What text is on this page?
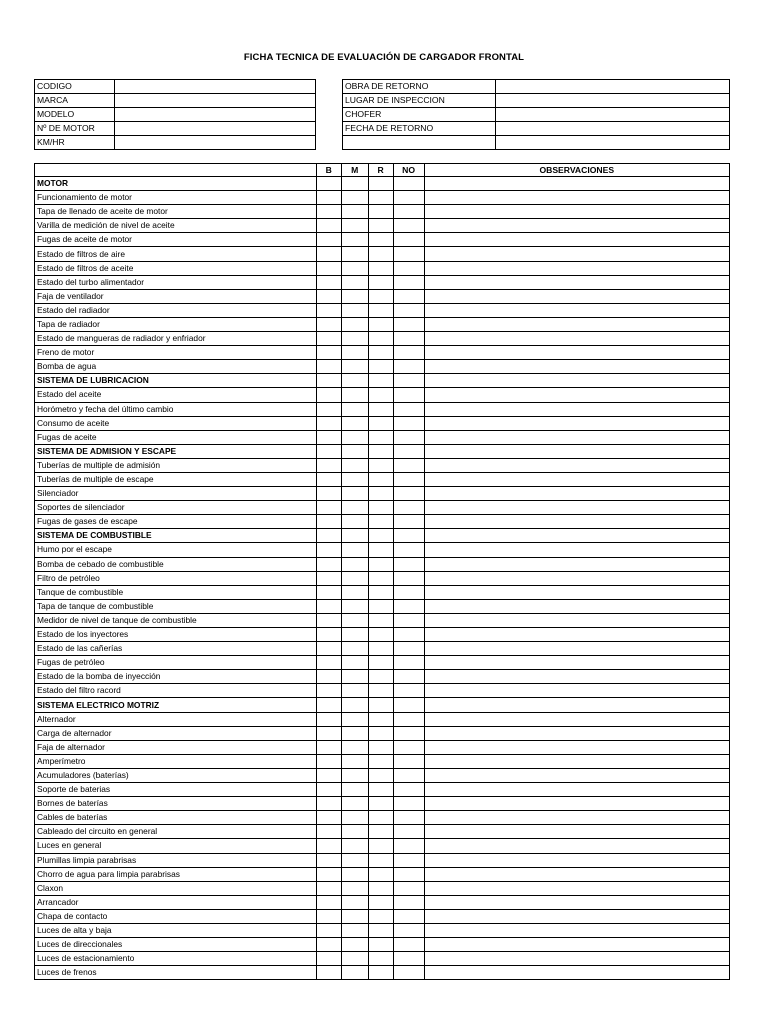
FICHA TECNICA DE EVALUACIÓN DE CARGADOR FRONTAL
CODIGO	
MARCA	
MODELO	
Nº DE MOTOR	
KM/HR	
OBRA DE RETORNO	
LUGAR DE INSPECCION	
CHOFER	
FECHA DE RETORNO	

	B	M	R	NO	OBSERVACIONES
MOTOR					
Funcionamiento de motor					
Tapa de llenado de aceite de motor					
Varilla de medición de nivel de aceite					
Fugas de aceite de motor					
Estado de filtros de aire					
Estado de filtros de aceite					
Estado del turbo alimentador					
Faja de ventilador					
Estado del radiador					
Tapa de radiador					
Estado de mangueras de radiador y enfriador					
Freno de motor					
Bomba de agua					
SISTEMA DE LUBRICACION					
Estado del aceite					
Horómetro y fecha del último cambio					
Consumo de aceite					
Fugas de aceite					
SISTEMA DE ADMISION Y ESCAPE					
Tuberías de multiple de admisión					
Tuberías de multiple de escape					
Silenciador					
Soportes de silenciador					
Fugas de gases de escape					
SISTEMA DE COMBUSTIBLE					
Humo por el escape					
Bomba de cebado de combustible					
Filtro de petróleo					
Tanque de combustible					
Tapa de tanque de combustible					
Medidor de nivel de tanque de combustible					
Estado de los inyectores					
Estado de las cañerías					
Fugas de petróleo					
Estado de la bomba de inyección					
Estado del filtro racord					
SISTEMA ELECTRICO MOTRIZ					
Alternador					
Carga de alternador					
Faja de alternador					
Amperímetro					
Acumuladores (baterías)					
Soporte de baterias					
Bornes de baterías					
Cables de baterías					
Cableado del circuito en general					
Luces en general					
Plumillas limpia parabrisas					
Chorro de agua para limpia parabrisas					
Claxon					
Arrancador					
Chapa de contacto					
Luces de alta y baja					
Luces de direccionales					
Luces de estacionamiento					
Luces de frenos					
